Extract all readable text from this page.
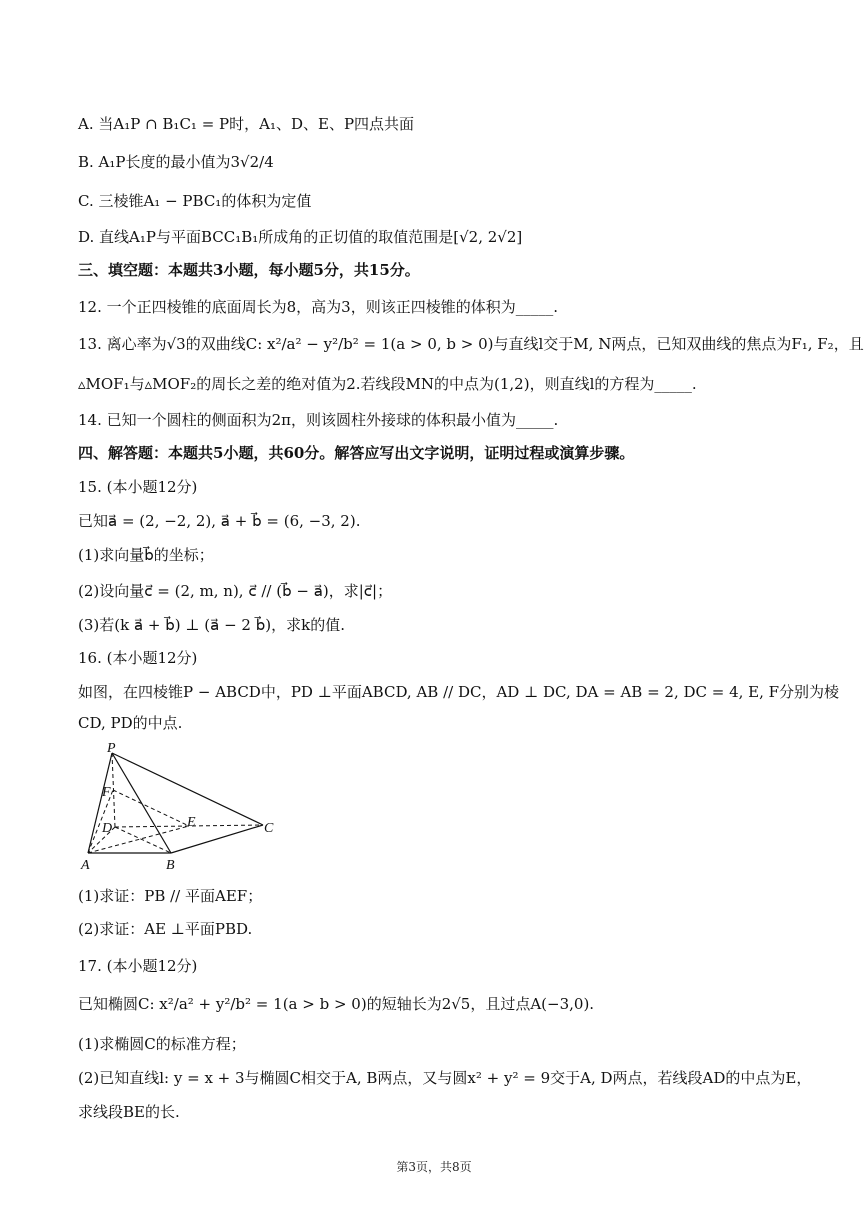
A. 当A₁P ∩ B₁C₁ = P时，A₁、D、E、P四点共面
B. A₁P长度的最小值为3√2/4
C. 三棱锥A₁ − PBC₁的体积为定值
D. 直线A₁P与平面BCC₁B₁所成角的正切值的取值范围是[√2, 2√2]
三、填空题：本题共3小题，每小题5分，共15分。
12. 一个正四棱锥的底面周长为8，高为3，则该正四棱锥的体积为_____.
13. 离心率为√3的双曲线C: x²/a² − y²/b² = 1(a > 0, b > 0)与直线l交于M, N两点，已知双曲线的焦点为F₁, F₂，且
▵MOF₁与▵MOF₂的周长之差的绝对值为2.若线段MN的中点为(1,2)，则直线l的方程为_____.
14. 已知一个圆柱的侧面积为2π，则该圆柱外接球的体积最小值为_____.
四、解答题：本题共5小题，共60分。解答应写出文字说明，证明过程或演算步骤。
15. (本小题12分)
已知a⃗ = (2, −2, 2), a⃗ + b⃗ = (6, −3, 2).
(1)求向量b⃗的坐标；
(2)设向量c⃗ = (2, m, n), c⃗ // (b⃗ − a⃗)，求|c⃗|；
(3)若(k a⃗ + b⃗) ⊥ (a⃗ − 2 b⃗)，求k的值.
16. (本小题12分)
如图，在四棱锥P − ABCD中，PD ⊥平面ABCD, AB // DC，AD ⊥ DC, DA = AB = 2, DC = 4, E, F分别为棱
CD, PD的中点.
P
F
D	E	C
A	B
(1)求证：PB // 平面AEF；
(2)求证：AE ⊥平面PBD.
17. (本小题12分)
已知椭圆C: x²/a² + y²/b² = 1(a > b > 0)的短轴长为2√5，且过点A(−3,0).
(1)求椭圆C的标准方程；
(2)已知直线l: y = x + 3与椭圆C相交于A, B两点，又与圆x² + y² = 9交于A, D两点，若线段AD的中点为E，
求线段BE的长.
第3页，共8页
